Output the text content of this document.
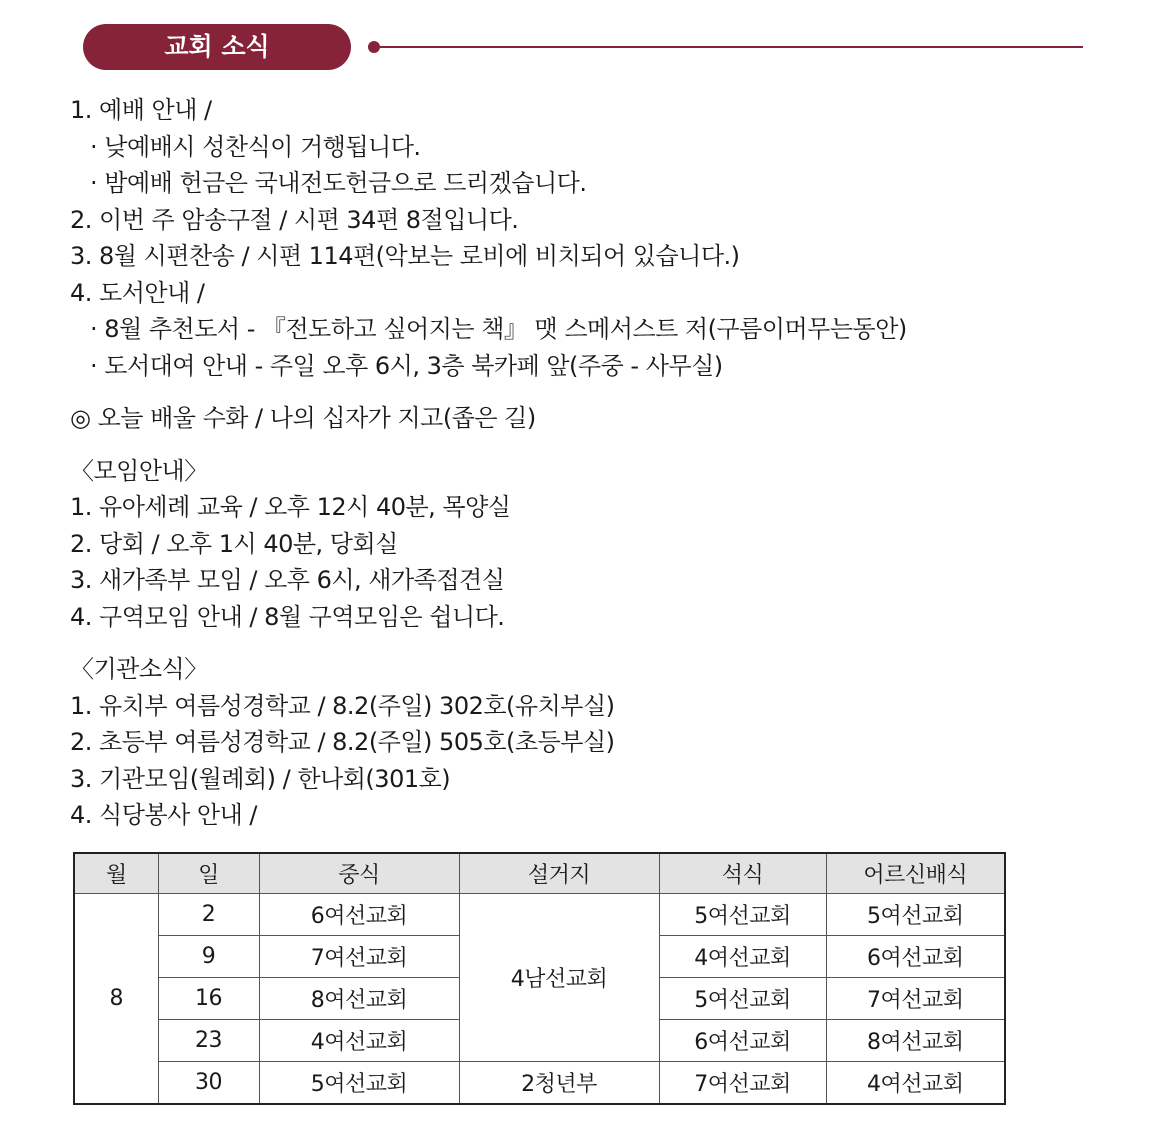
교회 소식
1. 예배 안내 /
· 낮예배시 성찬식이 거행됩니다.
· 밤예배 헌금은 국내전도헌금으로 드리겠습니다.
2. 이번 주 암송구절 / 시편 34편 8절입니다.
3. 8월 시편찬송 / 시편 114편(악보는 로비에 비치되어 있습니다.)
4. 도서안내 /
· 8월 추천도서 - 『전도하고 싶어지는 책』 맷 스메서스트 저(구름이머무는동안)
· 도서대여 안내 - 주일 오후 6시, 3층 북카페 앞(주중 - 사무실)
◎ 오늘 배울 수화 / 나의 십자가 지고(좁은 길)
〈모임안내〉
1. 유아세례 교육 / 오후 12시 40분, 목양실
2. 당회 / 오후 1시 40분, 당회실
3. 새가족부 모임 / 오후 6시, 새가족접견실
4. 구역모임 안내 / 8월 구역모임은 쉽니다.
〈기관소식〉
1. 유치부 여름성경학교 / 8.2(주일) 302호(유치부실)
2. 초등부 여름성경학교 / 8.2(주일) 505호(초등부실)
3. 기관모임(월례회) / 한나회(301호)
4. 식당봉사 안내 /
월	일	중식	설거지	석식	어르신배식
8	2	6여선교회	4남선교회	5여선교회	5여선교회
	9	7여선교회		4여선교회	6여선교회
	16	8여선교회		5여선교회	7여선교회
	23	4여선교회		6여선교회	8여선교회
	30	5여선교회	2청년부	7여선교회	4여선교회
